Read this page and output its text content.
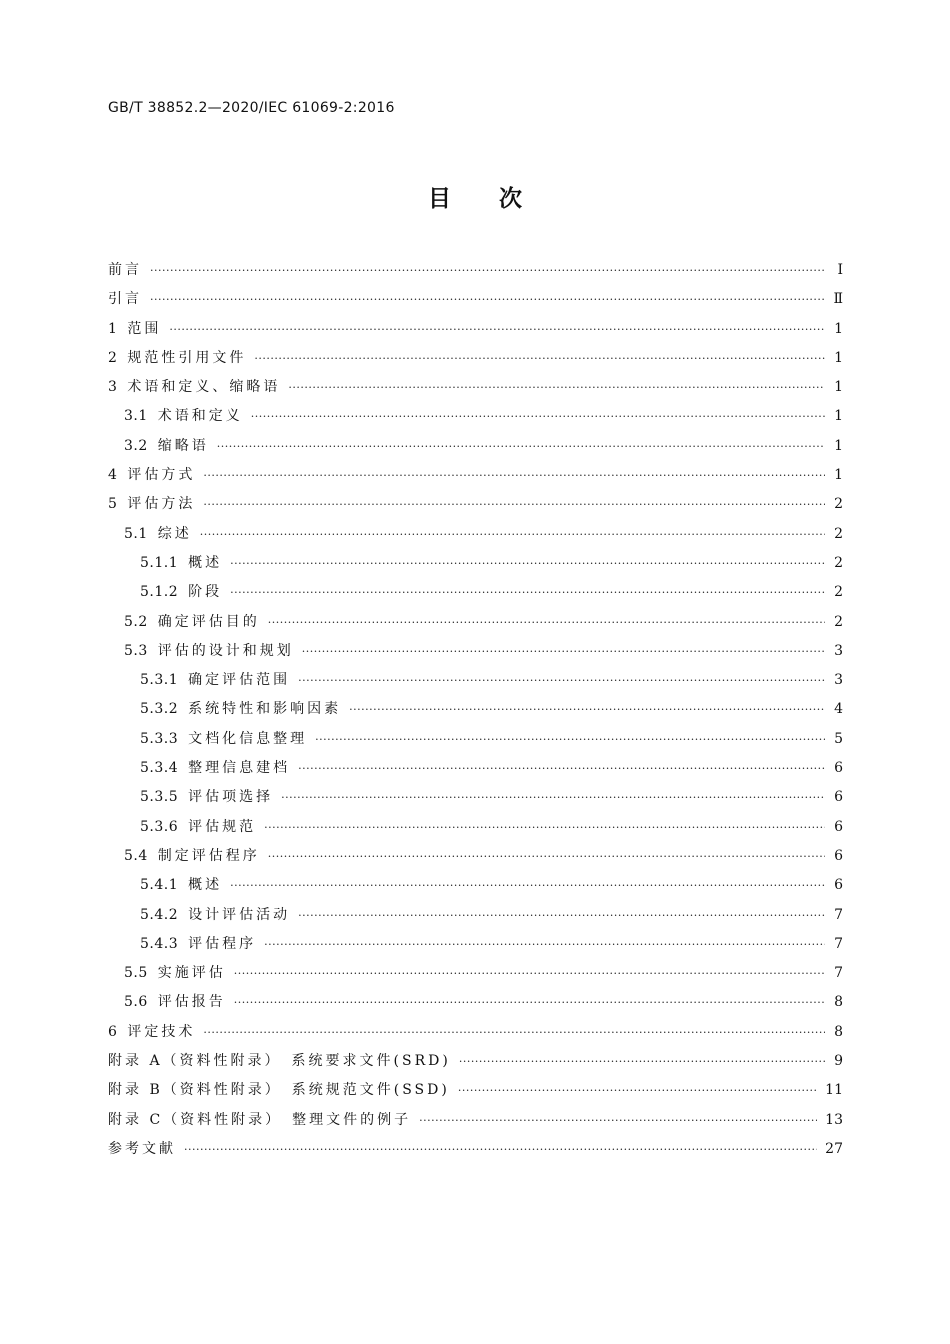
GB/T 38852.2—2020/IEC 61069-2:2016
目次
前言 ·····	Ⅰ
引言 ·····	Ⅱ
1 范围 ·····	1
2 规范性引用文件 ·····	1
3 术语和定义、缩略语 ·····	1
3.1 术语和定义 ·····	1
3.2 缩略语 ·····	1
4 评估方式 ·····	1
5 评估方法 ·····	2
5.1 综述 ·····	2
5.1.1 概述 ·····	2
5.1.2 阶段 ·····	2
5.2 确定评估目的 ·····	2
5.3 评估的设计和规划 ·····	3
5.3.1 确定评估范围 ·····	3
5.3.2 系统特性和影响因素 ·····	4
5.3.3 文档化信息整理 ·····	5
5.3.4 整理信息建档 ·····	6
5.3.5 评估项选择 ·····	6
5.3.6 评估规范 ·····	6
5.4 制定评估程序 ·····	6
5.4.1 概述 ·····	6
5.4.2 设计评估活动 ·····	7
5.4.3 评估程序 ·····	7
5.5 实施评估 ·····	7
5.6 评估报告 ·····	8
6 评定技术 ·····	8
附录 A（资料性附录）　系统要求文件(SRD) ·····	9
附录 B（资料性附录）　系统规范文件(SSD) ·····	11
附录 C（资料性附录）　整理文件的例子 ·····	13
参考文献 ·····	27
